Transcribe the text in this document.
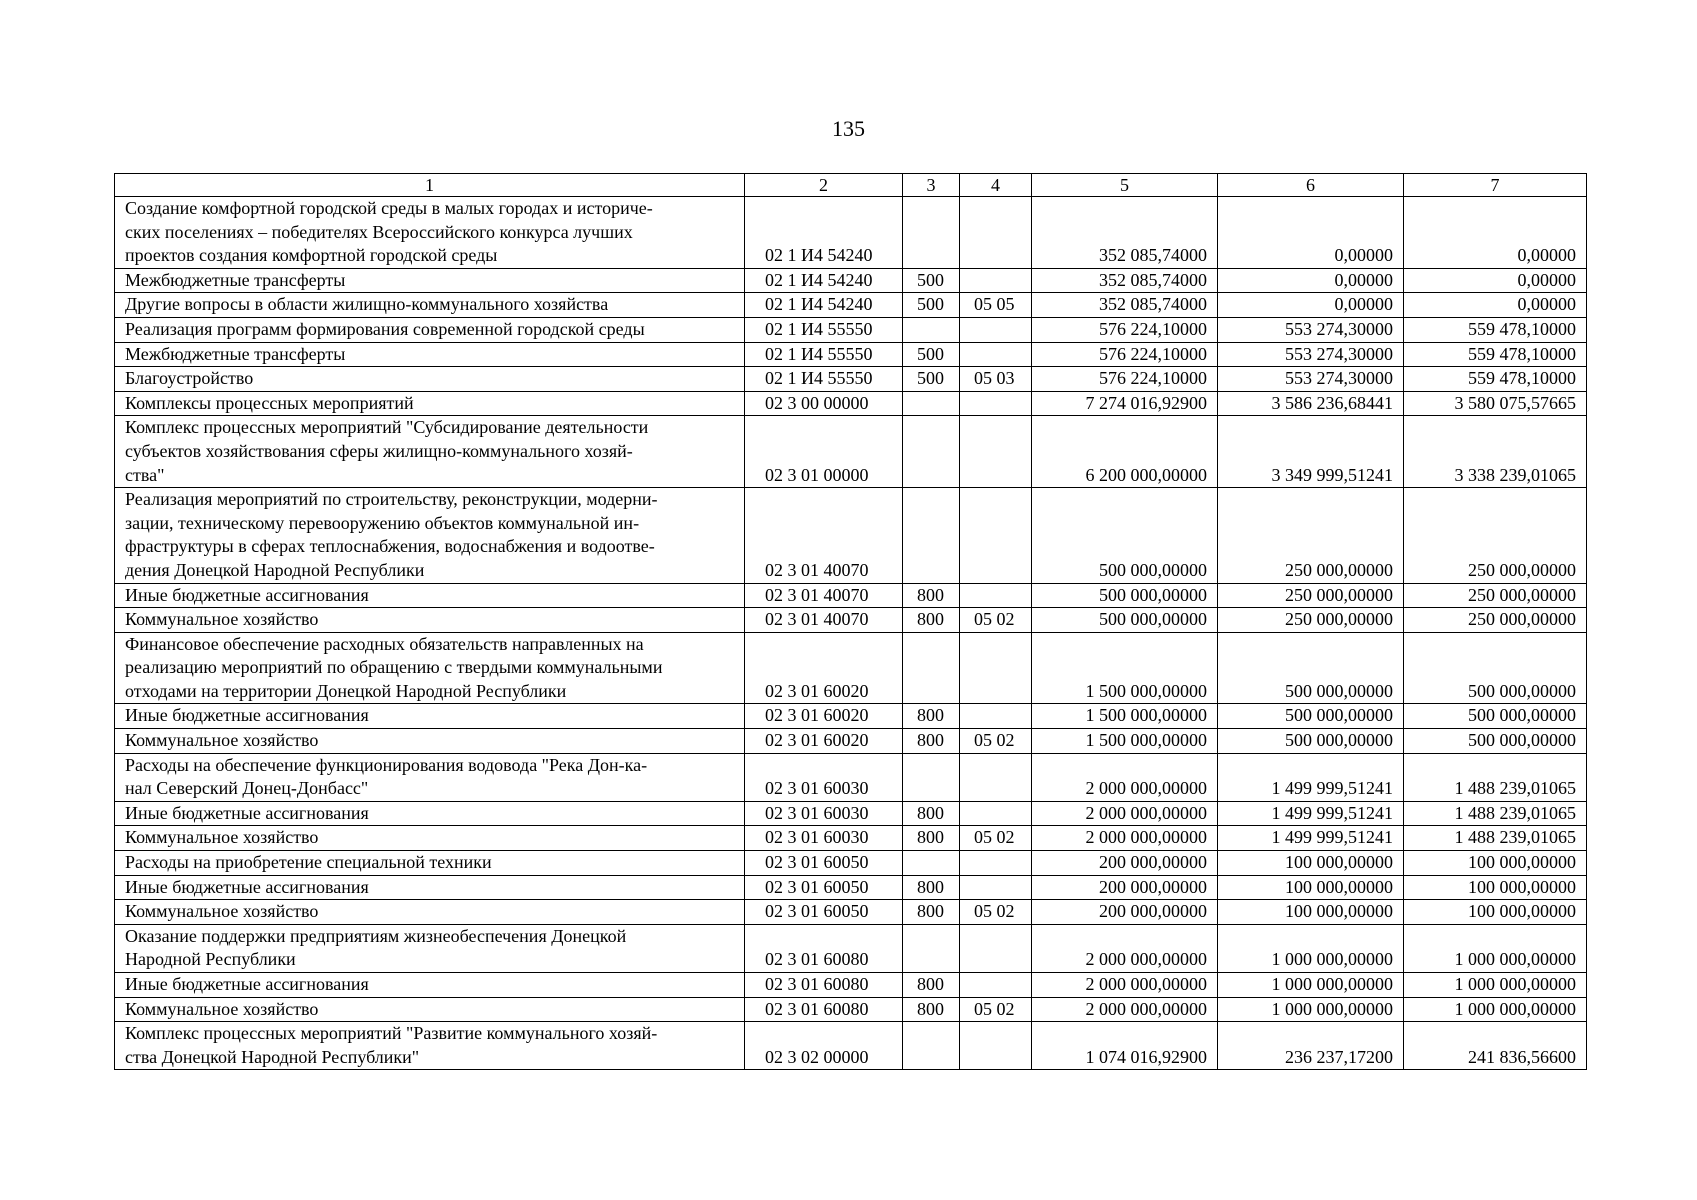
135
1	2	3	4	5	6	7

Создание комфортной городской среды в малых городах и историче-
ских поселениях – победителях Всероссийского конкурса лучших
проектов создания комфортной городской среды	02 1 И4 54240			352 085,74000	0,00000	0,00000

Межбюджетные трансферты	02 1 И4 54240	500		352 085,74000	0,00000	0,00000

Другие вопросы в области жилищно-коммунального хозяйства	02 1 И4 54240	500	05 05	352 085,74000	0,00000	0,00000

Реализация программ формирования современной городской среды	02 1 И4 55550			576 224,10000	553 274,30000	559 478,10000

Межбюджетные трансферты	02 1 И4 55550	500		576 224,10000	553 274,30000	559 478,10000

Благоустройство	02 1 И4 55550	500	05 03	576 224,10000	553 274,30000	559 478,10000

Комплексы процессных мероприятий	02 3 00 00000			7 274 016,92900	3 586 236,68441	3 580 075,57665

Комплекс процессных мероприятий "Субсидирование деятельности
субъектов хозяйствования сферы жилищно-коммунального хозяй-
ства"	02 3 01 00000			6 200 000,00000	3 349 999,51241	3 338 239,01065

Реализация мероприятий по строительству, реконструкции, модерни-
зации, техническому перевооружению объектов коммунальной ин-
фраструктуры в сферах теплоснабжения, водоснабжения и водоотве-
дения Донецкой Народной Республики	02 3 01 40070			500 000,00000	250 000,00000	250 000,00000

Иные бюджетные ассигнования	02 3 01 40070	800		500 000,00000	250 000,00000	250 000,00000

Коммунальное хозяйство	02 3 01 40070	800	05 02	500 000,00000	250 000,00000	250 000,00000

Финансовое обеспечение расходных обязательств направленных на
реализацию мероприятий по обращению с твердыми коммунальными
отходами на территории Донецкой Народной Республики	02 3 01 60020			1 500 000,00000	500 000,00000	500 000,00000

Иные бюджетные ассигнования	02 3 01 60020	800		1 500 000,00000	500 000,00000	500 000,00000

Коммунальное хозяйство	02 3 01 60020	800	05 02	1 500 000,00000	500 000,00000	500 000,00000

Расходы на обеспечение функционирования водовода "Река Дон-ка-
нал Северский Донец-Донбасс"	02 3 01 60030			2 000 000,00000	1 499 999,51241	1 488 239,01065

Иные бюджетные ассигнования	02 3 01 60030	800		2 000 000,00000	1 499 999,51241	1 488 239,01065

Коммунальное хозяйство	02 3 01 60030	800	05 02	2 000 000,00000	1 499 999,51241	1 488 239,01065

Расходы на приобретение специальной техники	02 3 01 60050			200 000,00000	100 000,00000	100 000,00000

Иные бюджетные ассигнования	02 3 01 60050	800		200 000,00000	100 000,00000	100 000,00000

Коммунальное хозяйство	02 3 01 60050	800	05 02	200 000,00000	100 000,00000	100 000,00000

Оказание поддержки предприятиям жизнеобеспечения Донецкой
Народной Республики	02 3 01 60080			2 000 000,00000	1 000 000,00000	1 000 000,00000

Иные бюджетные ассигнования	02 3 01 60080	800		2 000 000,00000	1 000 000,00000	1 000 000,00000

Коммунальное хозяйство	02 3 01 60080	800	05 02	2 000 000,00000	1 000 000,00000	1 000 000,00000

Комплекс процессных мероприятий "Развитие коммунального хозяй-
ства Донецкой Народной Республики"	02 3 02 00000			1 074 016,92900	236 237,17200	241 836,56600
